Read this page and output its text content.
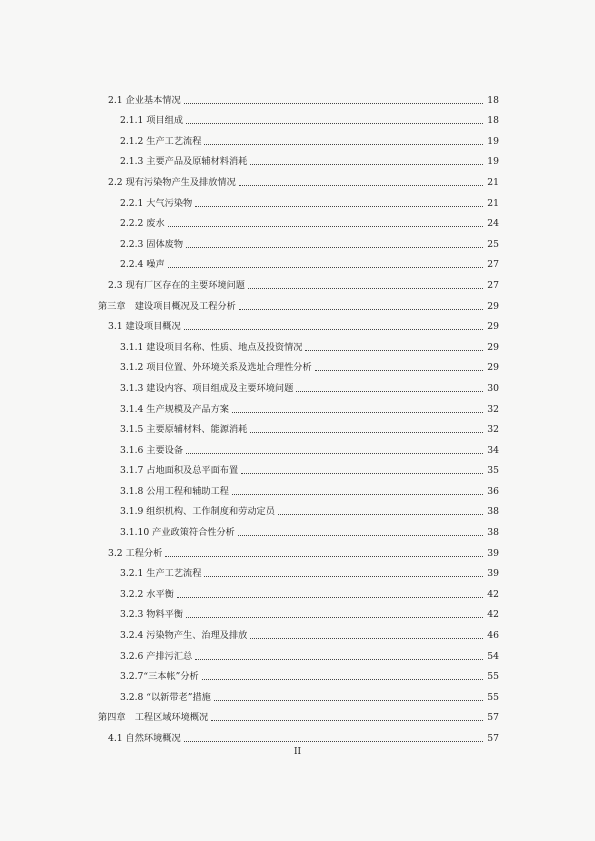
2.1 企业基本情况	18
2.1.1 项目组成	18
2.1.2 生产工艺流程	19
2.1.3 主要产品及原辅材料消耗	19
2.2 现有污染物产生及排放情况	21
2.2.1 大气污染物	21
2.2.2 废水	24
2.2.3 固体废物	25
2.2.4 噪声	27
2.3 现有厂区存在的主要环境问题	27
第三章　建设项目概况及工程分析	29
3.1 建设项目概况	29
3.1.1 建设项目名称、性质、地点及投资情况	29
3.1.2 项目位置、外环境关系及选址合理性分析	29
3.1.3 建设内容、项目组成及主要环境问题	30
3.1.4 生产规模及产品方案	32
3.1.5 主要原辅材料、能源消耗	32
3.1.6 主要设备	34
3.1.7 占地面积及总平面布置	35
3.1.8 公用工程和辅助工程	36
3.1.9 组织机构、工作制度和劳动定员	38
3.1.10 产业政策符合性分析	38
3.2 工程分析	39
3.2.1 生产工艺流程	39
3.2.2 水平衡	42
3.2.3 物料平衡	42
3.2.4 污染物产生、治理及排放	46
3.2.6 产排污汇总	54
3.2.7“三本帐”分析	55
3.2.8 “以新带老”措施	55
第四章　工程区域环境概况	57
4.1 自然环境概况	57
II
